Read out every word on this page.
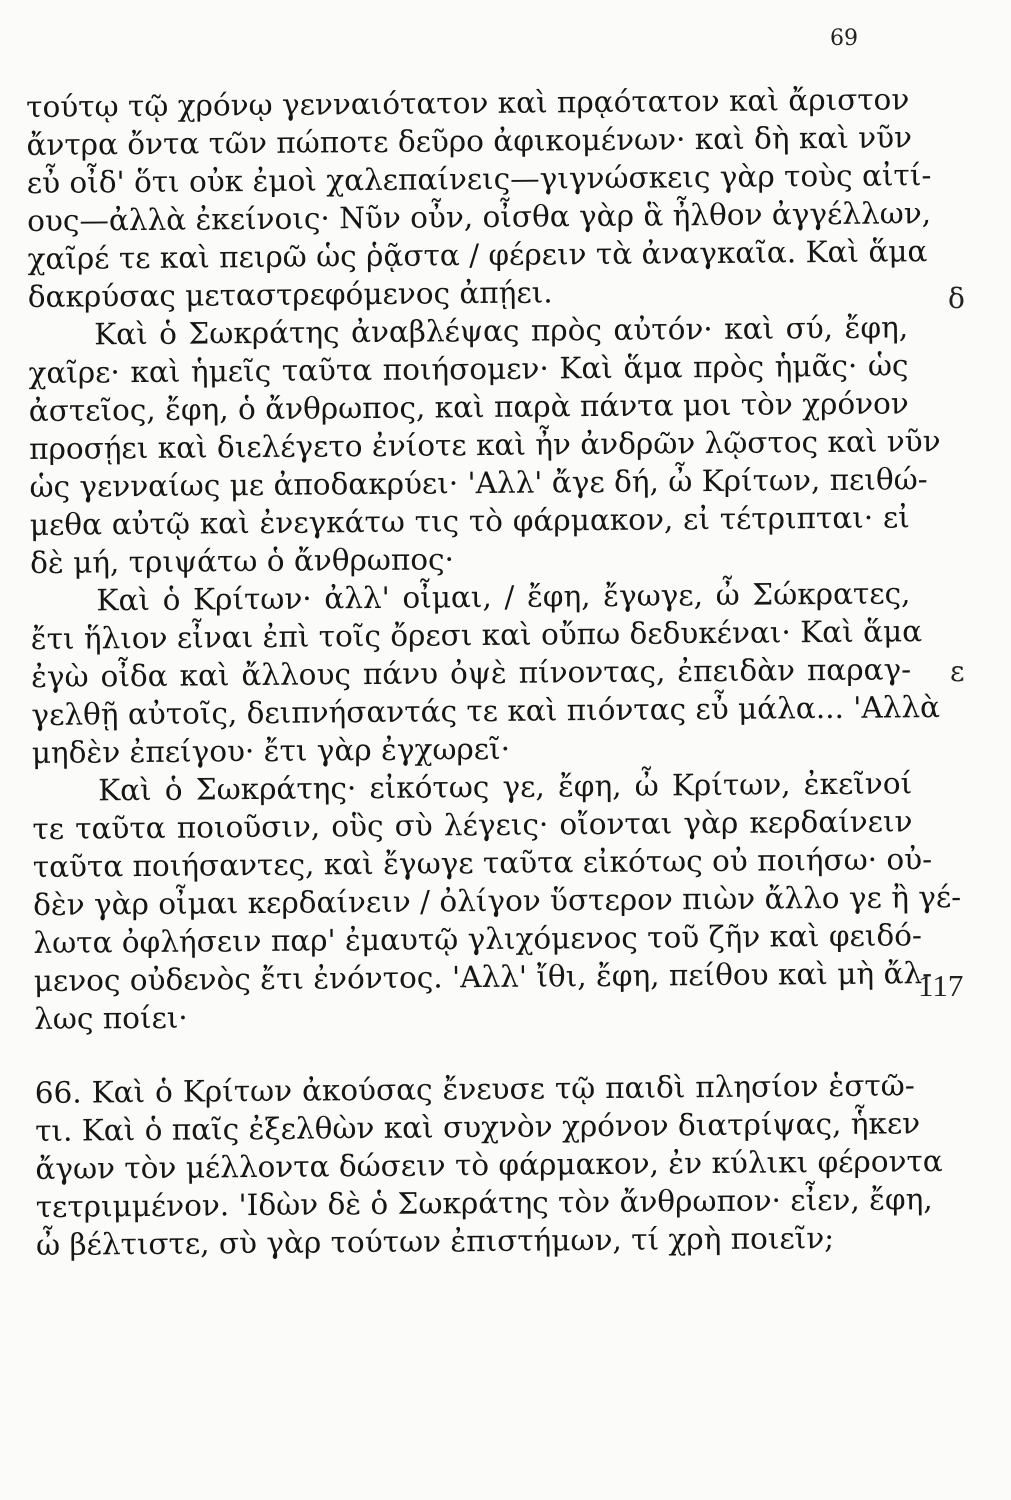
69
τούτῳ τῷ χρόνῳ γενναιότατον καὶ πρᾳότατον καὶ ἄριστον
ἄντρα ὄντα τῶν πώποτε δεῦρο ἀφικομένων· καὶ δὴ καὶ νῦν
εὖ οἶδ' ὅτι οὐκ ἐμοὶ χαλεπαίνεις—γιγνώσκεις γὰρ τοὺς αἰτί-
ους—ἀλλὰ ἐκείνοις· Νῦν οὖν, οἶσθα γὰρ ἃ ἦλθον ἀγγέλλων,
χαῖρέ τε καὶ πειρῶ ὡς ῥᾷστα / φέρειν τὰ ἀναγκαῖα. Καὶ ἅμα
δακρύσας μεταστρεφόμενος ἀπῄει.
Καὶ ὁ Σωκράτης ἀναβλέψας πρὸς αὐτόν· καὶ σύ, ἔφη,
χαῖρε· καὶ ἡμεῖς ταῦτα ποιήσομεν· Καὶ ἅμα πρὸς ἡμᾶς· ὡς
ἀστεῖος, ἔφη, ὁ ἄνθρωπος, καὶ παρὰ πάντα μοι τὸν χρόνον
προσῄει καὶ διελέγετο ἐνίοτε καὶ ἦν ἀνδρῶν λῷστος καὶ νῦν
ὡς γενναίως με ἀποδακρύει· 'Αλλ' ἄγε δή, ὦ Κρίτων, πειθώ-
μεθα αὐτῷ καὶ ἐνεγκάτω τις τὸ φάρμακον, εἰ τέτριπται· εἰ
δὲ μή, τριψάτω ὁ ἄνθρωπος·
Καὶ ὁ Κρίτων· ἀλλ' οἶμαι, / ἔφη, ἔγωγε, ὦ Σώκρατες,
ἔτι ἥλιον εἶναι ἐπὶ τοῖς ὄρεσι καὶ οὔπω δεδυκέναι· Καὶ ἅμα
ἐγὼ οἶδα καὶ ἄλλους πάνυ ὀψὲ πίνοντας, ἐπειδὰν παραγ-
γελθῇ αὐτοῖς, δειπνήσαντάς τε καὶ πιόντας εὖ μάλα... 'Αλλὰ
μηδὲν ἐπείγου· ἔτι γὰρ ἐγχωρεῖ·
Καὶ ὁ Σωκράτης· εἰκότως γε, ἔφη, ὦ Κρίτων, ἐκεῖνοί
τε ταῦτα ποιοῦσιν, οὓς σὺ λέγεις· οἴονται γὰρ κερδαίνειν
ταῦτα ποιήσαντες, καὶ ἔγωγε ταῦτα εἰκότως οὐ ποιήσω· οὐ-
δὲν γὰρ οἶμαι κερδαίνειν / ὀλίγον ὕστερον πιὼν ἄλλο γε ἢ γέ-
λωτα ὀφλήσειν παρ' ἐμαυτῷ γλιχόμενος τοῦ ζῆν καὶ φειδό-
μενος οὐδενὸς ἔτι ἐνόντος. 'Αλλ' ἴθι, ἔφη, πείθου καὶ μὴ ἄλ-
λως ποίει·
66. Καὶ ὁ Κρίτων ἀκούσας ἔνευσε τῷ παιδὶ πλησίον ἑστῶ-
τι. Καὶ ὁ παῖς ἐξελθὼν καὶ συχνὸν χρόνον διατρίψας, ἧκεν
ἄγων τὸν μέλλοντα δώσειν τὸ φάρμακον, ἐν κύλικι φέροντα
τετριμμένον. 'Ιδὼν δὲ ὁ Σωκράτης τὸν ἄνθρωπον· εἶεν, ἔφη,
ὦ βέλτιστε, σὺ γὰρ τούτων ἐπιστήμων, τί χρὴ ποιεῖν;
δ
ε
117
